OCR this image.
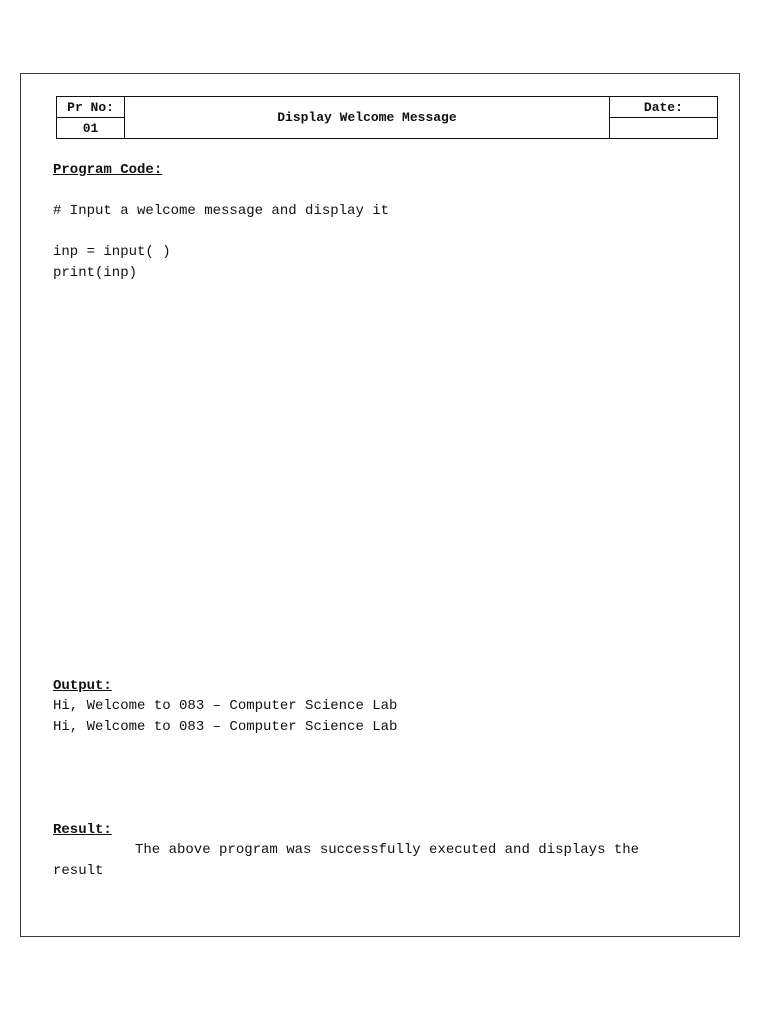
Pr No:	Display Welcome Message	Date:
01		

Program Code:

# Input a welcome message and display it

inp = input( )

print(inp)

Output:

Hi, Welcome to 083 – Computer Science Lab

Hi, Welcome to 083 – Computer Science Lab

Result:

The above program was successfully executed and displays the result
